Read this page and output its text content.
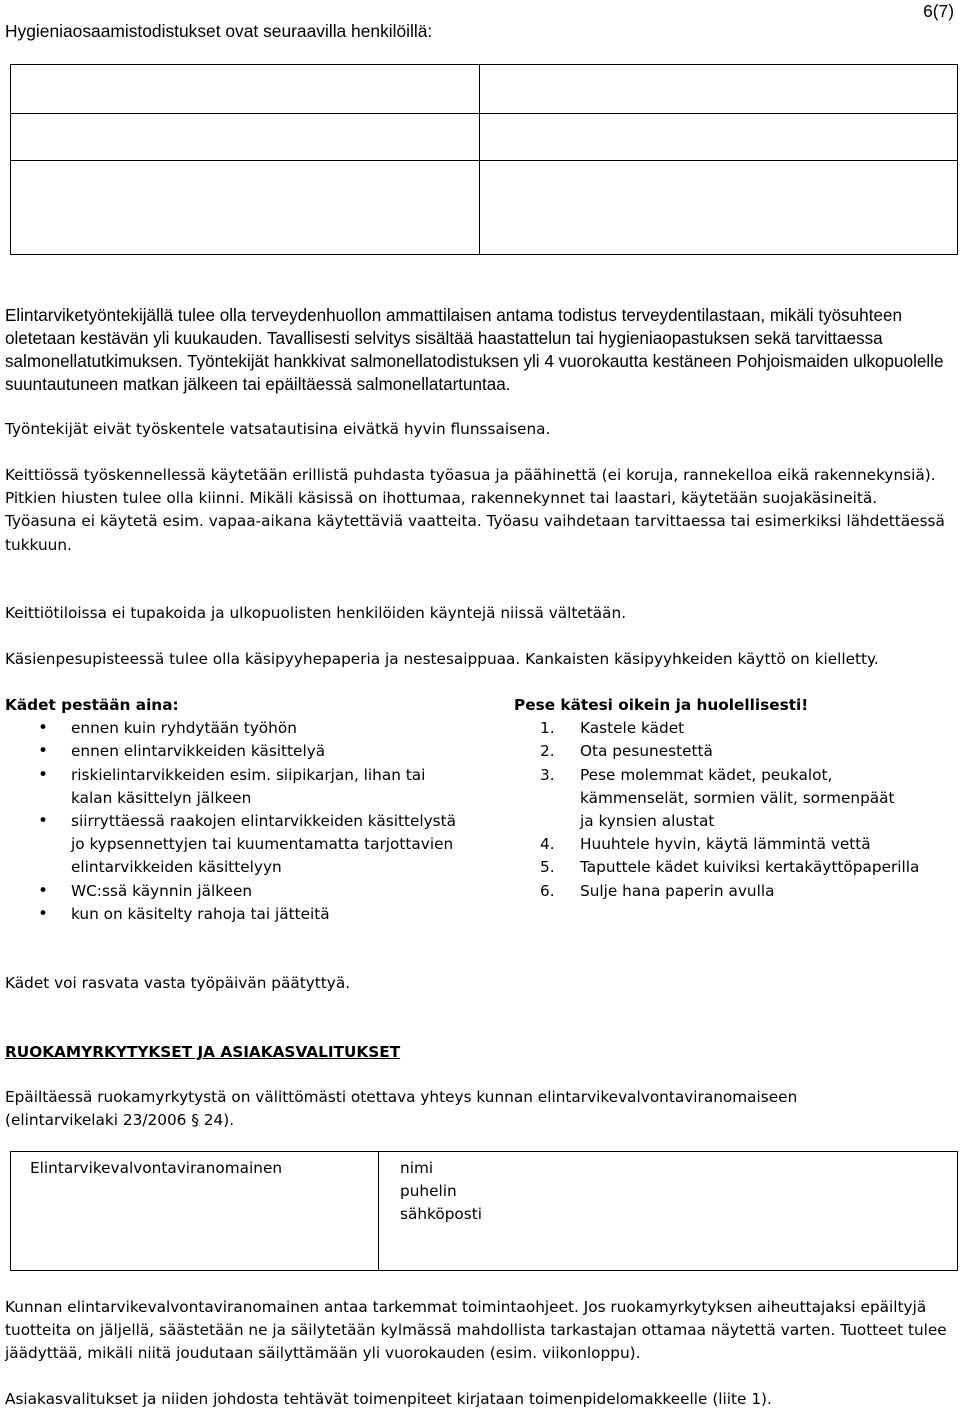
Hygieniaosaamistodistukset ovat seuraavilla henkilöillä:
6(7)

Elintarviketyöntekijällä tulee olla terveydenhuollon ammattilaisen antama todistus terveydentilastaan, mikäli työsuhteen oletetaan kestävän yli kuukauden. Tavallisesti selvitys sisältää haastattelun tai hygieniaopastuksen sekä tarvittaessa salmonellatutkimuksen. Työntekijät hankkivat salmonellatodistuksen yli 4 vuorokautta kestäneen Pohjoismaiden ulkopuolelle suuntautuneen matkan jälkeen tai epäiltäessä salmonellatartuntaa.

Työntekijät eivät työskentele vatsatautisina eivätkä hyvin flunssaisena.

Keittiössä työskennellessä käytetään erillistä puhdasta työasua ja päähinettä (ei koruja, rannekelloa eikä rakennekynsiä). Pitkien hiusten tulee olla kiinni. Mikäli käsissä on ihottumaa, rakennekynnet tai laastari, käytetään suojakäsineitä.

Työasuna ei käytetä esim. vapaa-aikana käytettäviä vaatteita. Työasu vaihdetaan tarvittaessa tai esimerkiksi lähdettäessä tukkuun.

Keittiötiloissa ei tupakoida ja ulkopuolisten henkilöiden käyntejä niissä vältetään.

Käsienpesupisteessä tulee olla käsipyyhepaperia ja nestesaippuaa. Kankaisten käsipyyhkeiden käyttö on kielletty.

Kädet pestään aina:
• ennen kuin ryhdytään työhön
• ennen elintarvikkeiden käsittelyä
• riskielintarvikkeiden esim. siipikarjan, lihan tai kalan käsittelyn jälkeen
• siirryttäessä raakojen elintarvikkeiden käsittelystä jo kypsennettyjen tai kuumentamatta tarjottavien elintarvikkeiden käsittelyyn
• WC:ssä käynnin jälkeen
• kun on käsitelty rahoja tai jätteitä
Pese kätesi oikein ja huolellisesti!
1. Kastele kädet
2. Ota pesunestettä
3. Pese molemmat kädet, peukalot, kämmenselät, sormien välit, sormenpäät ja kynsien alustat
4. Huuhtele hyvin, käytä lämmintä vettä
5. Taputtele kädet kuiviksi kertakäyttöpaperilla
6. Sulje hana paperin avulla

Kädet voi rasvata vasta työpäivän päätyttyä.

RUOKAMYRKYTYKSET JA ASIAKASVALITUKSET

Epäiltäessä ruokamyrkytystä on välittömästi otettava yhteys kunnan elintarvikevalvontaviranomaiseen (elintarvikelaki 23/2006 § 24).

Elintarvikevalvontaviranomainen	nimi
puhelin
sähköposti

Kunnan elintarvikevalvontaviranomainen antaa tarkemmat toimintaohjeet. Jos ruokamyrkytyksen aiheuttajaksi epäiltyjä tuotteita on jäljellä, säästetään ne ja säilytetään kylmässä mahdollista tarkastajan ottamaa näytettä varten. Tuotteet tulee jäädyttää, mikäli niitä joudutaan säilyttämään yli vuorokauden (esim. viikonloppu).

Asiakasvalitukset ja niiden johdosta tehtävät toimenpiteet kirjataan toimenpidelomakkeelle (liite 1).
